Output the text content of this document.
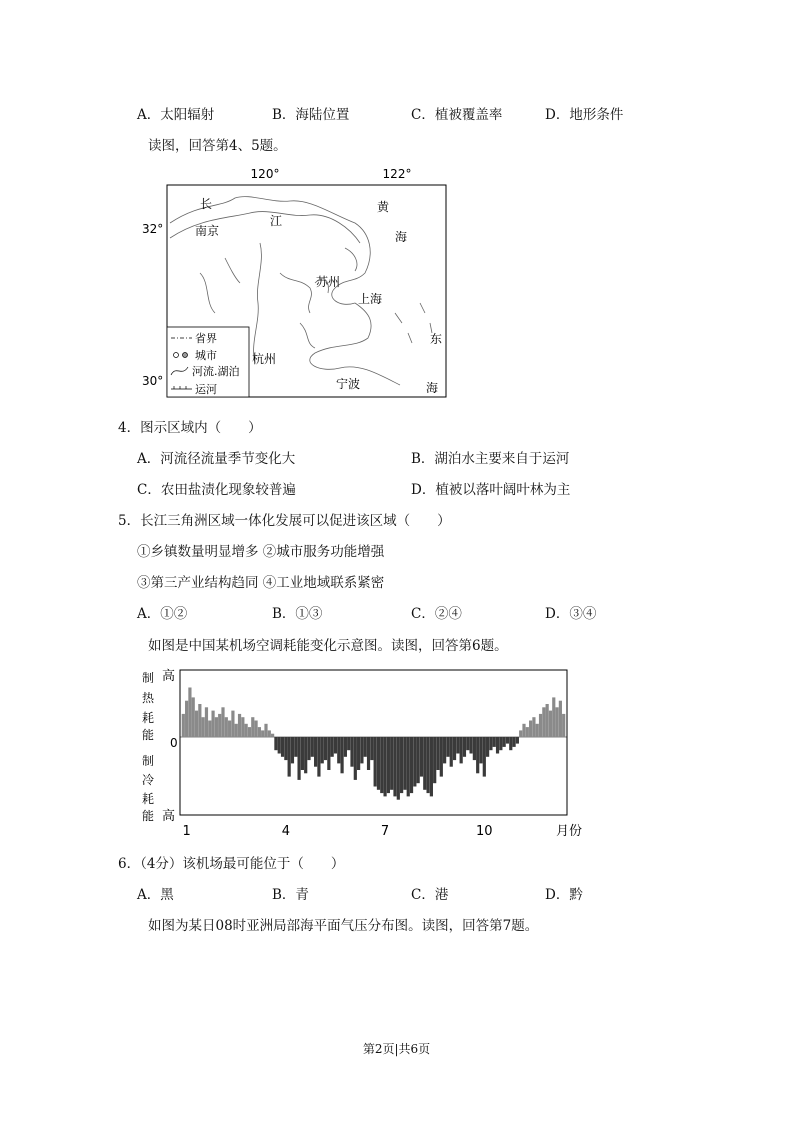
A．太阳辐射	B．海陆位置	C．植被覆盖率	D．地形条件
读图，回答第4、5题。
120°	122°
32°
30°
长
江
南京
黄
海
苏州
上海
东
杭州
宁波	海
省界
城市
河流.湖泊
运河
4．图示区域内（　　）
A．河流径流量季节变化大	B．湖泊水主要来自于运河
C．农田盐渍化现象较普遍	D．植被以落叶阔叶林为主
5．长江三角洲区域一体化发展可以促进该区域（　　）
①乡镇数量明显增多 ②城市服务功能增强
③第三产业结构趋同 ④工业地域联系紧密
A．①②	B．①③	C．②④	D．③④
如图是中国某机场空调耗能变化示意图。读图，回答第6题。
高
制
热
耗
能
0
制
冷
耗
能 高
1	4	7	10	月份
6．（4分）该机场最可能位于（　　）
A．黑	B．青	C．港	D．黔
如图为某日08时亚洲局部海平面气压分布图。读图，回答第7题。
第2页|共6页
